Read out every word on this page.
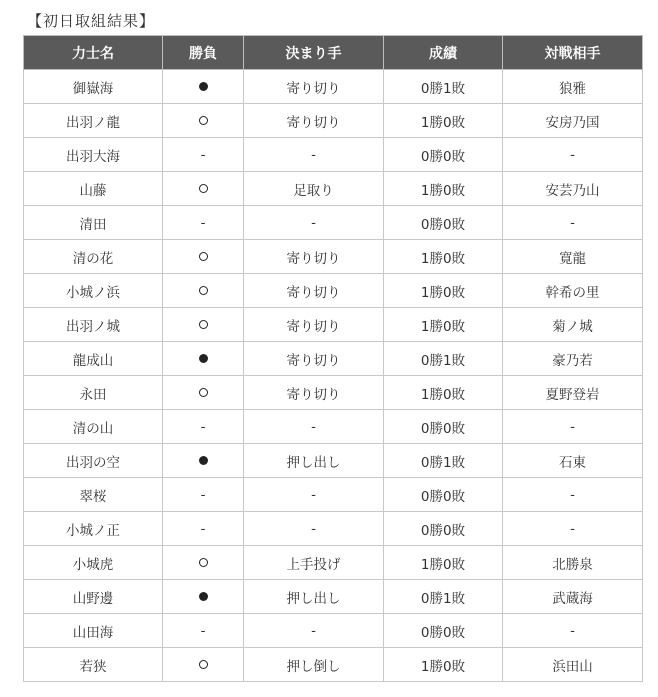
【初日取組結果】
力士名	勝負	決まり手	成績	対戦相手
御嶽海		寄り切り	0勝1敗	狼雅
出羽ノ龍		寄り切り	1勝0敗	安房乃国
出羽大海	-	-	0勝0敗	-
山藤		足取り	1勝0敗	安芸乃山
清田	-	-	0勝0敗	-
清の花		寄り切り	1勝0敗	寛龍
小城ノ浜		寄り切り	1勝0敗	幹希の里
出羽ノ城		寄り切り	1勝0敗	菊ノ城
龍成山		寄り切り	0勝1敗	豪乃若
永田		寄り切り	1勝0敗	夏野登岩
清の山	-	-	0勝0敗	-
出羽の空		押し出し	0勝1敗	石東
翠桜	-	-	0勝0敗	-
小城ノ正	-	-	0勝0敗	-
小城虎		上手投げ	1勝0敗	北勝泉
山野邊		押し出し	0勝1敗	武蔵海
山田海	-	-	0勝0敗	-
若狭		押し倒し	1勝0敗	浜田山
